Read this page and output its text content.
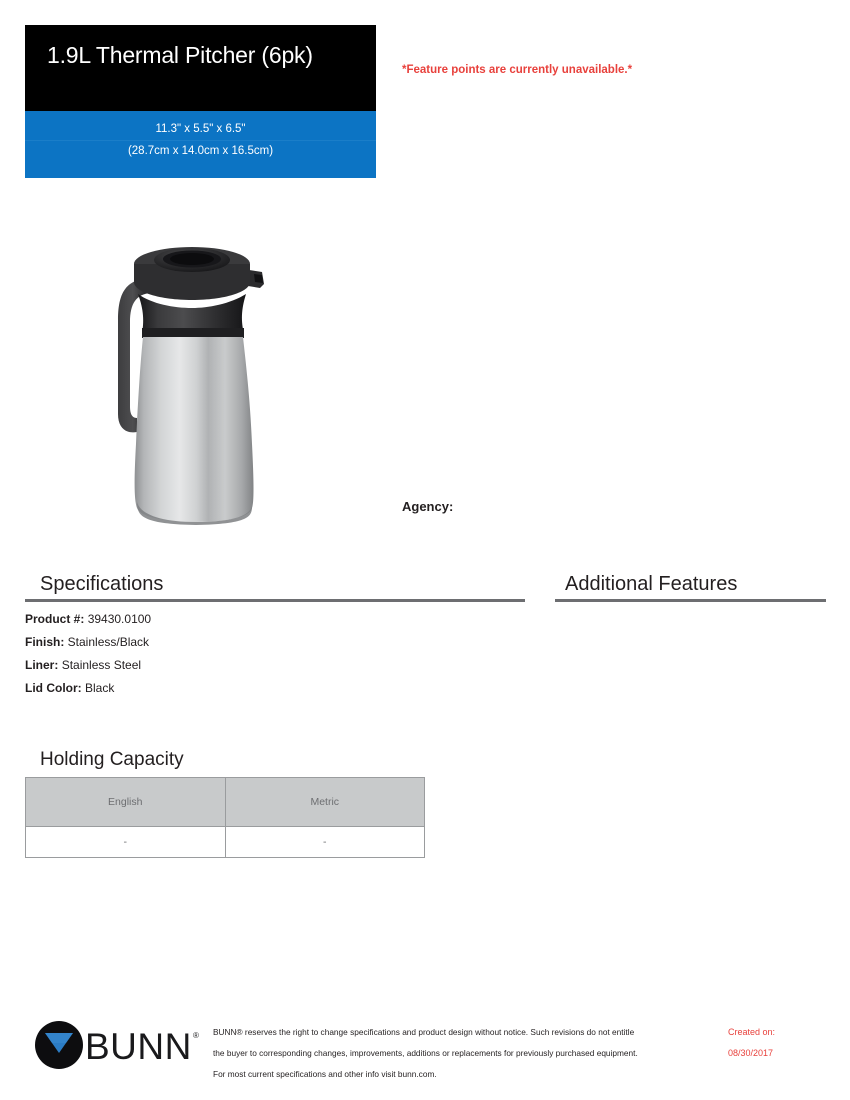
1.9L Thermal Pitcher (6pk)
11.3" x 5.5" x 6.5"
(28.7cm x 14.0cm x 16.5cm)
*Feature points are currently unavailable.*
Agency:
Specifications
Product #: 39430.0100
Finish: Stainless/Black
Liner: Stainless Steel
Lid Color: Black
Additional Features
Holding Capacity
English	Metric
-	-
BUNN ® BUNN® reserves the right to change specifications and product design without notice. Such revisions do not entitle
the buyer to corresponding changes, improvements, additions or replacements for previously purchased equipment.
For most current specifications and other info visit bunn.com.
Created on:
08/30/2017
